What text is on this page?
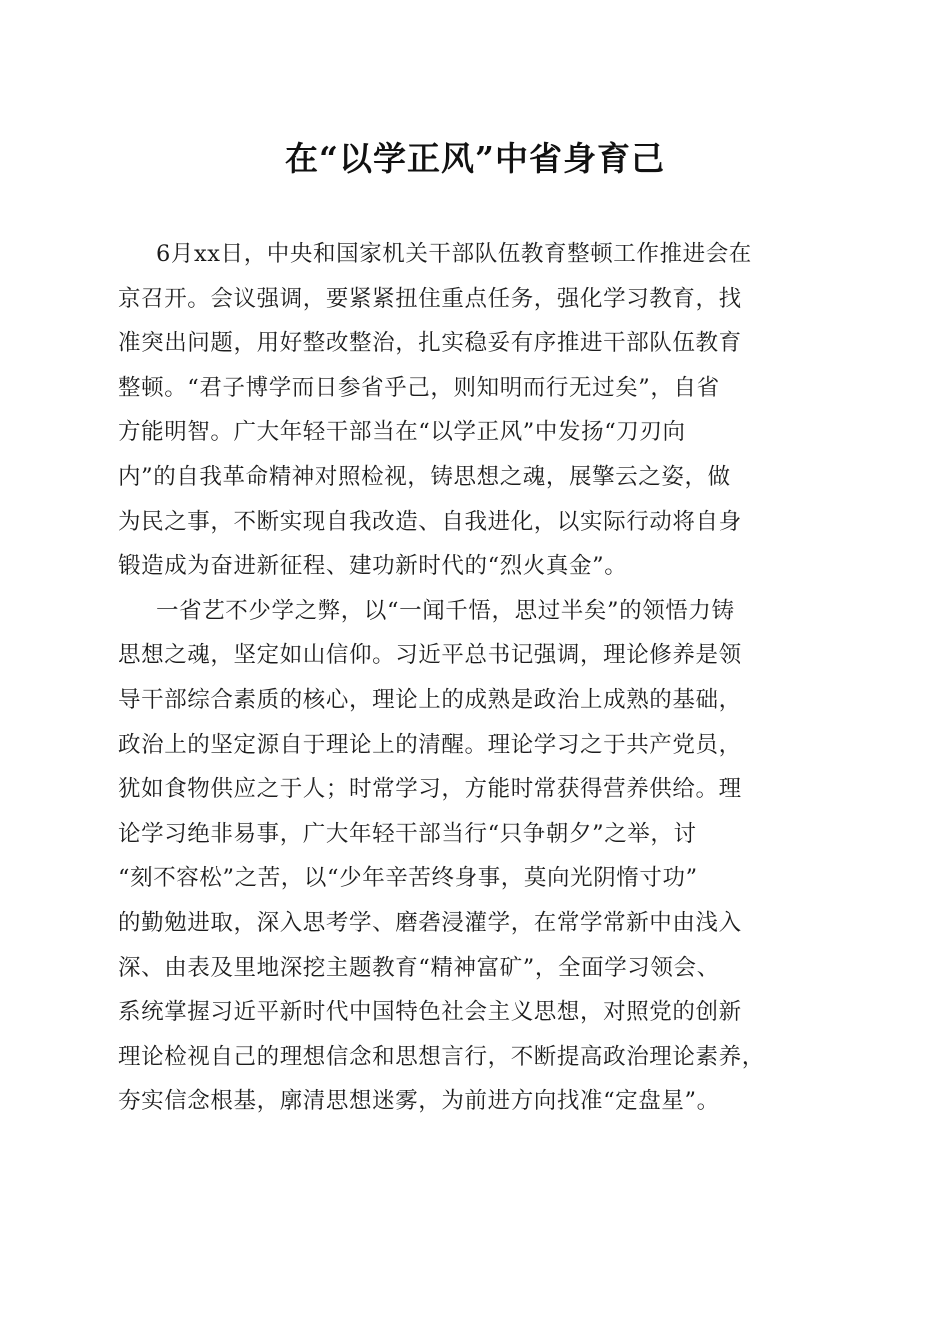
在“以学正风”中省身育己

6月xx日，中央和国家机关干部队伍教育整顿工作推进会在
京召开。会议强调，要紧紧扭住重点任务，强化学习教育，找
准突出问题，用好整改整治，扎实稳妥有序推进干部队伍教育
整顿。“君子博学而日参省乎己，则知明而行无过矣”，自省
方能明智。广大年轻干部当在“以学正风”中发扬“刀刃向
内”的自我革命精神对照检视，铸思想之魂，展擎云之姿，做
为民之事，不断实现自我改造、自我进化，以实际行动将自身
锻造成为奋进新征程、建功新时代的“烈火真金”。

一省艺不少学之弊，以“一闻千悟，思过半矣”的领悟力铸
思想之魂，坚定如山信仰。习近平总书记强调，理论修养是领
导干部综合素质的核心，理论上的成熟是政治上成熟的基础，
政治上的坚定源自于理论上的清醒。理论学习之于共产党员，
犹如食物供应之于人；时常学习，方能时常获得营养供给。理
论学习绝非易事，广大年轻干部当行“只争朝夕”之举，讨
“刻不容松”之苦，以“少年辛苦终身事，莫向光阴惰寸功”
的勤勉进取，深入思考学、磨砻浸灌学，在常学常新中由浅入
深、由表及里地深挖主题教育“精神富矿”，全面学习领会、
系统掌握习近平新时代中国特色社会主义思想，对照党的创新
理论检视自己的理想信念和思想言行，不断提高政治理论素养，
夯实信念根基，廓清思想迷雾，为前进方向找准“定盘星”。
